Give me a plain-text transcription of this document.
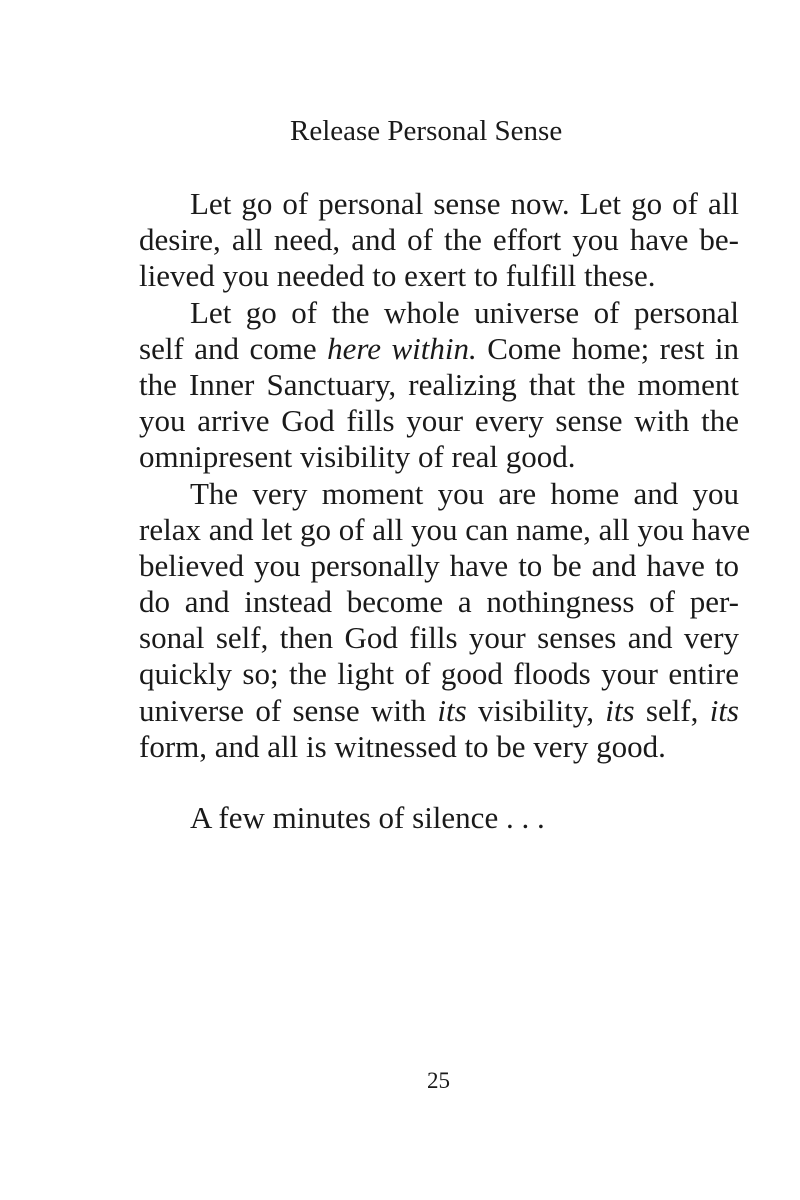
Release Personal Sense
Let go of personal sense now. Let go of all
desire, all need, and of the effort you have be-
lieved you needed to exert to fulfill these.
Let go of the whole universe of personal
self and come here within. Come home; rest in
the Inner Sanctuary, realizing that the moment
you arrive God fills your every sense with the
omnipresent visibility of real good.
The very moment you are home and you
relax and let go of all you can name, all you have
believed you personally have to be and have to
do and instead become a nothingness of per-
sonal self, then God fills your senses and very
quickly so; the light of good floods your entire
universe of sense with its visibility, its self, its
form, and all is witnessed to be very good.
A few minutes of silence . . .
25
